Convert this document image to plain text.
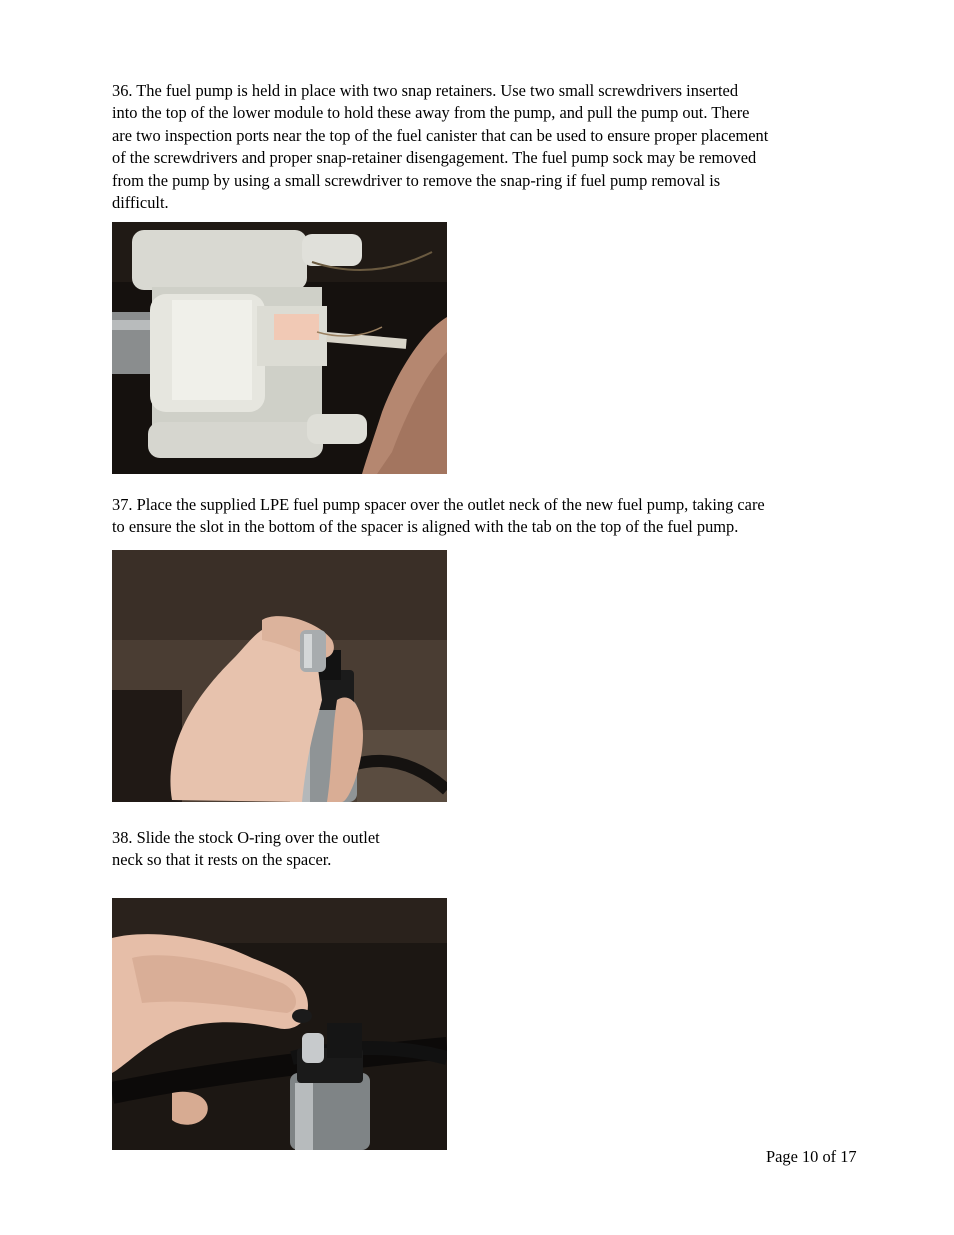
36. The fuel pump is held in place with two snap retainers. Use two small screwdrivers inserted
into the top of the lower module to hold these away from the pump, and pull the pump out. There
are two inspection ports near the top of the fuel canister that can be used to ensure proper placement
of the screwdrivers and proper snap-retainer disengagement. The fuel pump sock may be removed
from the pump by using a small screwdriver to remove the snap-ring if fuel pump removal is
difficult.

37. Place the supplied LPE fuel pump spacer over the outlet neck of the new fuel pump, taking care
to ensure the slot in the bottom of the spacer is aligned with the tab on the top of the fuel pump.

38. Slide the stock O-ring over the outlet
neck so that it rests on the spacer.

Page 10 of 17
